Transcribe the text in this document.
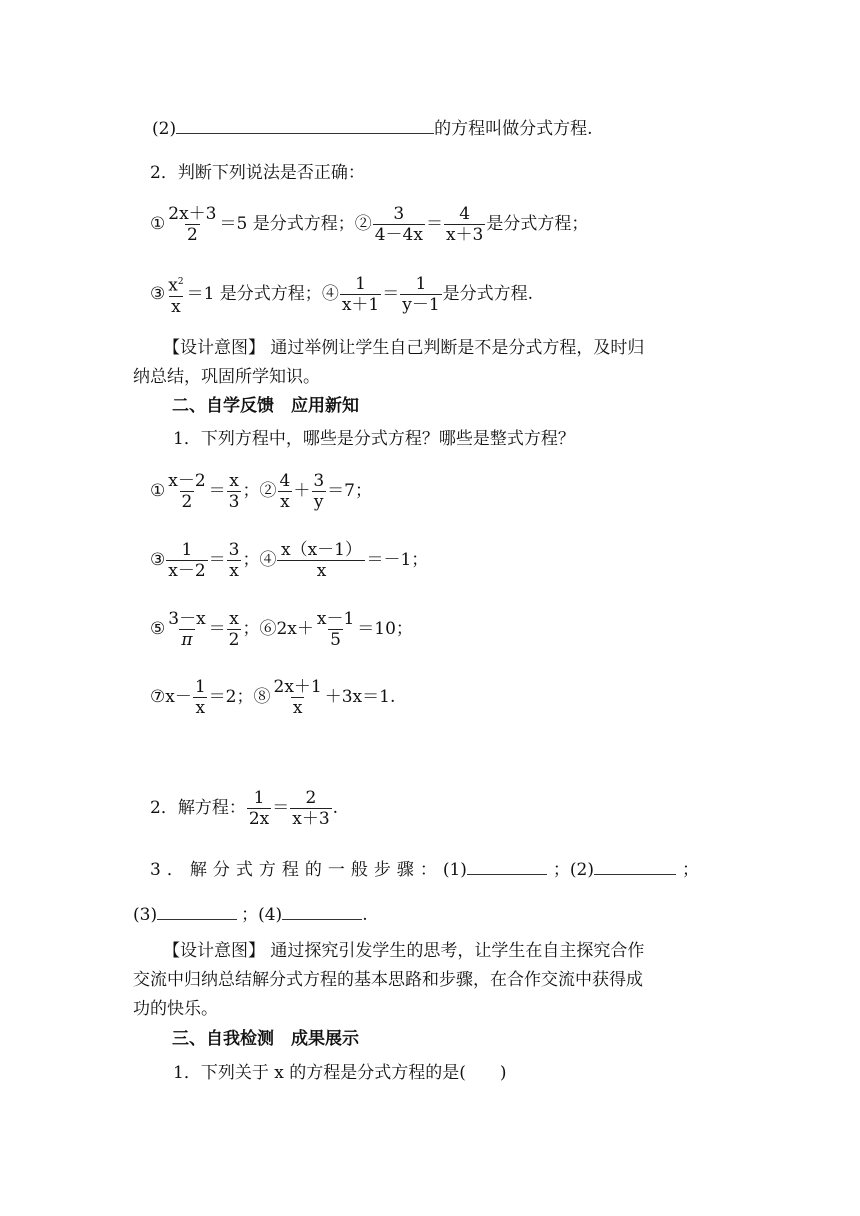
(2)	的方程叫做分式方程.
2．判断下列说法是否正确：
① $\frac{2x+3}{2} =5$ 是分式方程；② $\frac{3}{4-4x} = \frac{4}{x+3}$ 是分式方程；
③ $\frac{x^2}{x} =1$ 是分式方程；④ $\frac{1}{x+1} = \frac{1}{y-1}$ 是分式方程.
【设计意图】 通过举例让学生自己判断是不是分式方程，及时归
纳总结，巩固所学知识。
二、自学反馈　应用新知
1．下列方程中，哪些是分式方程？哪些是整式方程？
① $\frac{x-2}{2} = \frac{x}{3}$ ；② $\frac{4}{x} + \frac{3}{y} =7$；
③ $\frac{1}{x-2} = \frac{3}{x}$ ；④ $\frac{x(x-1)}{x} =-1$；
⑤ $\frac{3-x}{\pi} = \frac{x}{2}$ ；⑥2x＋ $\frac{x-1}{5} =10$；
⑦x－ $\frac{1}{x} =2$；⑧ $\frac{2x+1}{x} +3x=1$.
2．解方程： $\frac{1}{2x} = \frac{2}{x+3}$ .
3．解分式方程的一般步骤：(1)	；(2)	；
(3)	；(4)	.
【设计意图】 通过探究引发学生的思考，让学生在自主探究合作
交流中归纳总结解分式方程的基本思路和步骤，在合作交流中获得成
功的快乐。
三、自我检测　成果展示
1．下列关于 x 的方程是分式方程的是(　　)
